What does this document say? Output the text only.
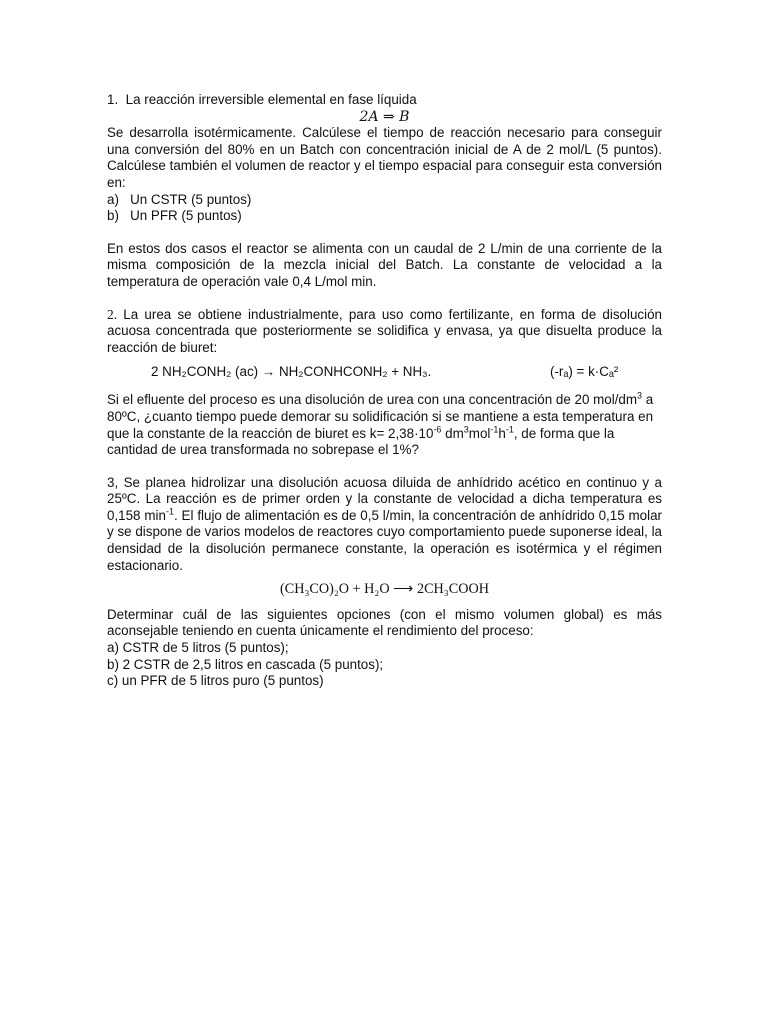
1. La reacción irreversible elemental en fase líquida

2A ⇒ B

Se desarrolla isotérmicamente. Calcúlese el tiempo de reacción necesario para conseguir una conversión del 80% en un Batch con concentración inicial de A de 2 mol/L (5 puntos). Calcúlese también el volumen de reactor y el tiempo espacial para conseguir esta conversión en:

a)   Un CSTR (5 puntos)

b)   Un PFR (5 puntos)

En estos dos casos el reactor se alimenta con un caudal de 2 L/min de una corriente de la misma composición de la mezcla inicial del Batch. La constante de velocidad a la temperatura de operación vale 0,4 L/mol min.

2. La urea se obtiene industrialmente, para uso como fertilizante, en forma de disolución acuosa concentrada que posteriormente se solidifica y envasa, ya que disuelta produce la reacción de biuret:

2 NH₂CONH₂ (ac) → NH₂CONHCONH₂ + NH₃.	(-rₐ) = k·Cₐ²

Si el efluente del proceso es una disolución de urea con una concentración de 20 mol/$dm^3$ a 80ºC, ¿cuanto tiempo puede demorar su solidificación si se mantiene a esta temperatura en que la constante de la reacción de biuret es $k= 2,38\cdot 10^{-6}$ $dm^3mol^{-1}h^{-1}$, de forma que la cantidad de urea transformada no sobrepase el 1%?

3, Se planea hidrolizar una disolución acuosa diluida de anhídrido acético en continuo y a 25ºC. La reacción es de primer orden y la constante de velocidad a dicha temperatura es 0,158 $\min^{-1}$. El flujo de alimentación es de 0,5 l/min, la concentración de anhídrido 0,15 molar y se dispone de varios modelos de reactores cuyo comportamiento puede suponerse ideal, la densidad de la disolución permanece constante, la operación es isotérmica y el régimen estacionario.

(CH₃CO)₂O + H₂O ⟶ 2CH₃COOH

Determinar cuál de las siguientes opciones (con el mismo volumen global) es más aconsejable teniendo en cuenta únicamente el rendimiento del proceso:

a) CSTR de 5 litros (5 puntos);

b) 2 CSTR de 2,5 litros en cascada (5 puntos);

c) un PFR de 5 litros puro (5 puntos)
